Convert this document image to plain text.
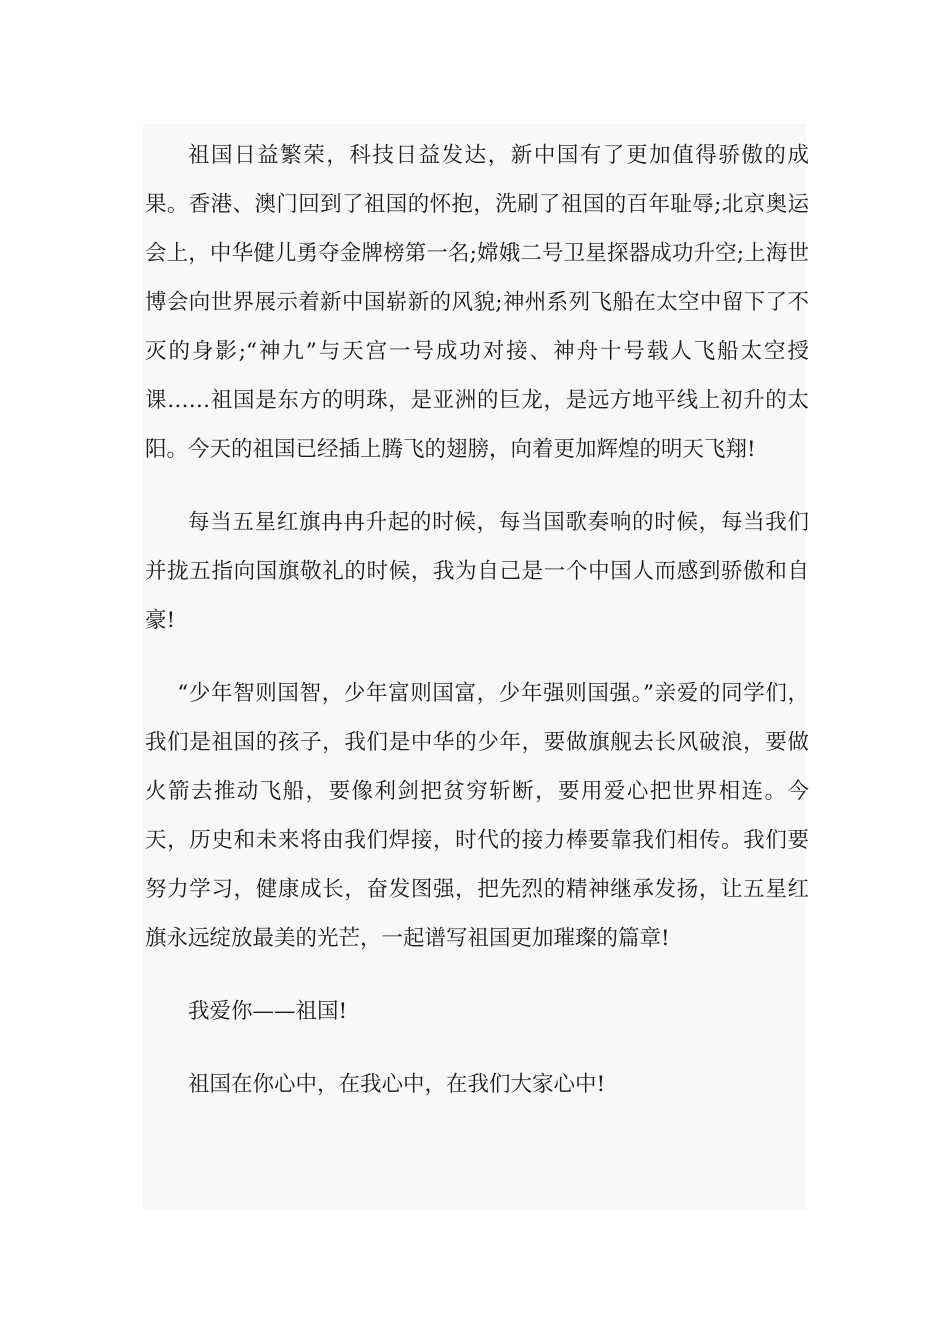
祖国日益繁荣，科技日益发达，新中国有了更加值得骄傲的成果。香港、澳门回到了祖国的怀抱，洗刷了祖国的百年耻辱;北京奥运会上，中华健儿勇夺金牌榜第一名;嫦娥二号卫星探器成功升空;上海世博会向世界展示着新中国崭新的风貌;神州系列飞船在太空中留下了不灭的身影;“神九”与天宫一号成功对接、神舟十号载人飞船太空授课……祖国是东方的明珠，是亚洲的巨龙，是远方地平线上初升的太阳。今天的祖国已经插上腾飞的翅膀，向着更加辉煌的明天飞翔!

每当五星红旗冉冉升起的时候，每当国歌奏响的时候，每当我们并拢五指向国旗敬礼的时候，我为自己是一个中国人而感到骄傲和自豪!

“少年智则国智，少年富则国富，少年强则国强。”亲爱的同学们，我们是祖国的孩子，我们是中华的少年，要做旗舰去长风破浪，要做火箭去推动飞船，要像利剑把贫穷斩断，要用爱心把世界相连。今天，历史和未来将由我们焊接，时代的接力棒要靠我们相传。我们要努力学习，健康成长，奋发图强，把先烈的精神继承发扬，让五星红旗永远绽放最美的光芒，一起谱写祖国更加璀璨的篇章!

我爱你——祖国!

祖国在你心中，在我心中，在我们大家心中!
